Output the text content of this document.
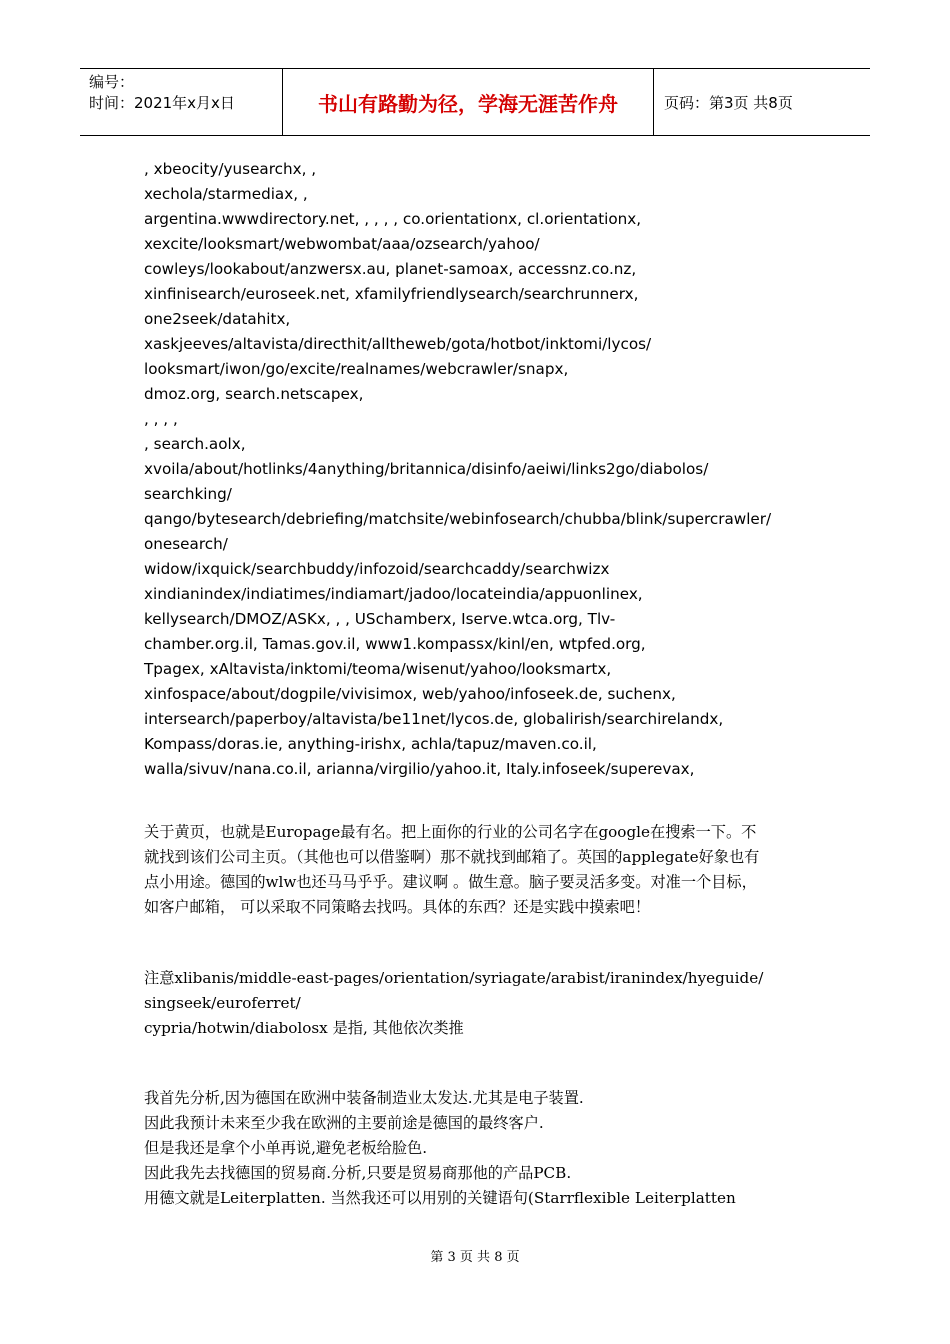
编号：
时间：2021年x月x日	书山有路勤为径，学海无涯苦作舟	页码：第3页 共8页
, xbeocity/yusearchx, ,
xechola/starmediax, ,
argentina.wwwdirectory.net, , , , , co.orientationx, cl.orientationx,
xexcite/looksmart/webwombat/aaa/ozsearch/yahoo/
cowleys/lookabout/anzwersx.au, planet-samoax, accessnz.co.nz,
xinfinisearch/euroseek.net, xfamilyfriendlysearch/searchrunnerx,
one2seek/datahitx,
xaskjeeves/altavista/directhit/alltheweb/gota/hotbot/inktomi/lycos/
looksmart/iwon/go/excite/realnames/webcrawler/snapx,
dmoz.org, search.netscapex,
, , , ,
, search.aolx,
xvoila/about/hotlinks/4anything/britannica/disinfo/aeiwi/links2go/diabolos/
searchking/
qango/bytesearch/debriefing/matchsite/webinfosearch/chubba/blink/supercrawler/
onesearch/
widow/ixquick/searchbuddy/infozoid/searchcaddy/searchwizx
xindianindex/indiatimes/indiamart/jadoo/locateindia/appuonlinex,
kellysearch/DMOZ/ASKx, , , USchamberx, Iserve.wtca.org, Tlv-
chamber.org.il, Tamas.gov.il, www1.kompassx/kinl/en, wtpfed.org,
Tpagex, xAltavista/inktomi/teoma/wisenut/yahoo/looksmartx,
xinfospace/about/dogpile/vivisimox, web/yahoo/infoseek.de, suchenx,
intersearch/paperboy/altavista/be11net/lycos.de, globalirish/searchirelandx,
Kompass/doras.ie, anything-irishx, achla/tapuz/maven.co.il,
walla/sivuv/nana.co.il, arianna/virgilio/yahoo.it, Italy.infoseek/superevax,
关于黄页，也就是Europage最有名。把上面你的行业的公司名字在google在搜索一下。不
就找到该们公司主页。（其他也可以借鉴啊）那不就找到邮箱了。英国的applegate好象也有
点小用途。德国的wlw也还马马乎乎。建议啊 。做生意。脑子要灵活多变。对准一个目标，
如客户邮箱， 可以采取不同策略去找吗。具体的东西？还是实践中摸索吧！
注意xlibanis/middle-east-pages/orientation/syriagate/arabist/iranindex/hyeguide/
singseek/euroferret/
cypria/hotwin/diabolosx 是指, 其他依次类推
我首先分析,因为德国在欧洲中装备制造业太发达.尤其是电子装置.
因此我预计未来至少我在欧洲的主要前途是德国的最终客户.
但是我还是拿个小单再说,避免老板给脸色.
因此我先去找德国的贸易商.分析,只要是贸易商那他的产品PCB.
用德文就是Leiterplatten. 当然我还可以用别的关键语句(Starrflexible Leiterplatten
第 3 页 共 8 页
